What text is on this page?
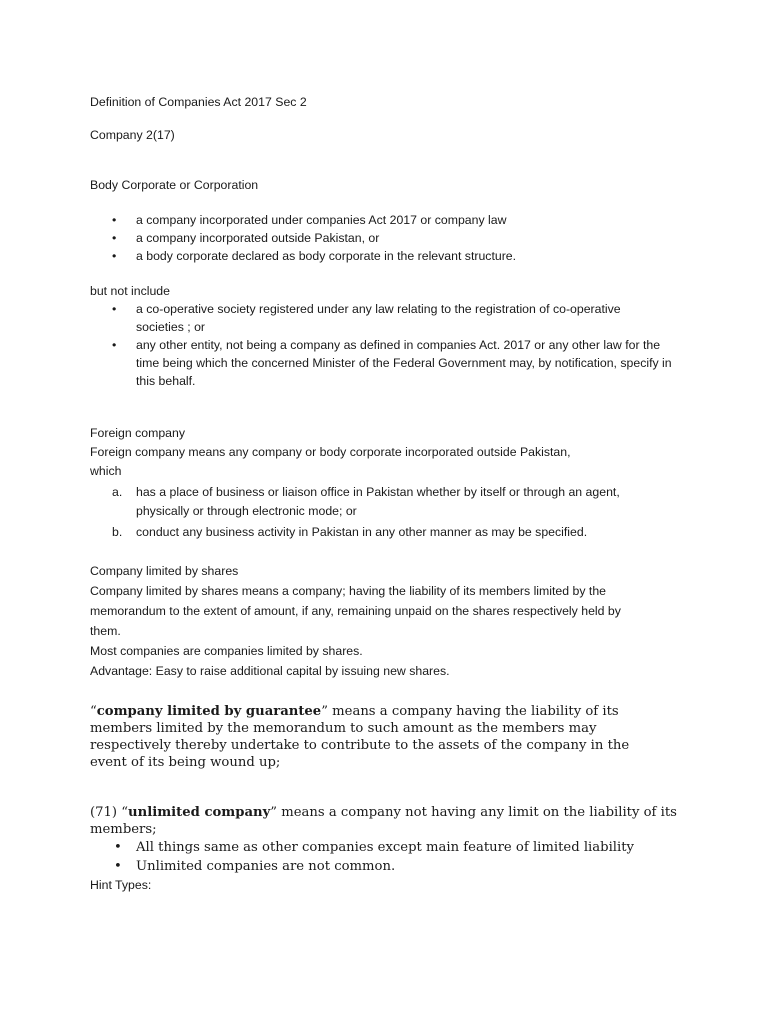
Definition of Companies Act 2017 Sec 2

Company 2(17)

Body Corporate or Corporation

• a company incorporated under companies Act 2017 or company law
• a company incorporated outside Pakistan, or
• a body corporate declared as body corporate in the relevant structure.

but not include

• a co-operative society registered under any law relating to the registration of co-operative societies ; or
• any other entity, not being a company as defined in companies Act. 2017 or any other law for the time being which the concerned Minister of the Federal Government may, by notification, specify in this behalf.

Foreign company

Foreign company means any company or body corporate incorporated outside Pakistan,

which

a. has a place of business or liaison office in Pakistan whether by itself or through an agent, physically or through electronic mode; or
b. conduct any business activity in Pakistan in any other manner as may be specified.

Company limited by shares

Company limited by shares means a company; having the liability of its members limited by the memorandum to the extent of amount, if any, remaining unpaid on the shares respectively held by them.

Most companies are companies limited by shares.

Advantage: Easy to raise additional capital by issuing new shares.

“company limited by guarantee” means a company having the liability of its members limited by the memorandum to such amount as the members may respectively thereby undertake to contribute to the assets of the company in the event of its being wound up;

(71) “unlimited company” means a company not having any limit on the liability of its members;

• All things same as other companies except main feature of limited liability
• Unlimited companies are not common.

Hint Types:
